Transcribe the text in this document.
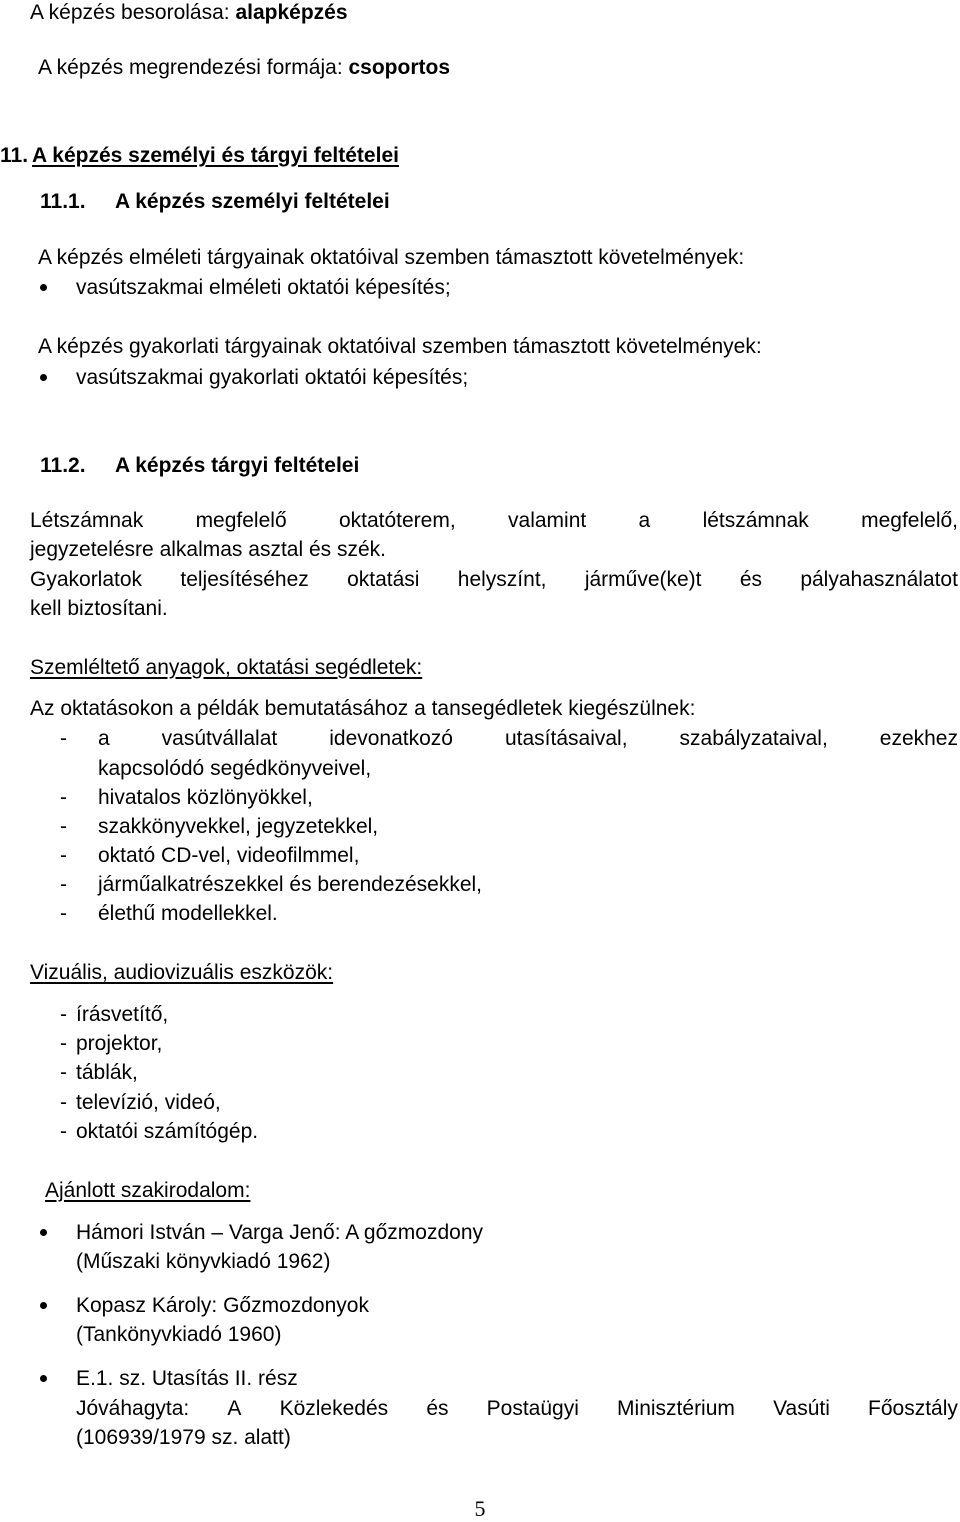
A képzés besorolása: alapképzés
A képzés megrendezési formája: csoportos
11. A képzés személyi és tárgyi feltételei
11.1. A képzés személyi feltételei
A képzés elméleti tárgyainak oktatóival szemben támasztott követelmények:
vasútszakmai elméleti oktatói képesítés;
A képzés gyakorlati tárgyainak oktatóival szemben támasztott követelmények:
vasútszakmai gyakorlati oktatói képesítés;
11.2. A képzés tárgyi feltételei
Létszámnak megfelelő oktatóterem, valamint a létszámnak megfelelő,
jegyzetelésre alkalmas asztal és szék.
Gyakorlatok teljesítéséhez oktatási helyszínt, járművе(ke)t és pályahasználatot
kell biztosítani.
Szemléltető anyagok, oktatási segédletek:
Az oktatásokon a példák bemutatásához a tansegédletek kiegészülnek:
- a vasútvállalat idevonatkozó utasításaival, szabályzataival, ezekhez
kapcsolódó segédkönyveivel,
- hivatalos közlönyökkel,
- szakkönyvekkel, jegyzetekkel,
- oktató CD-vel, videofilmmel,
- járműalkatrészekkel és berendezésekkel,
- élethű modellekkel.
Vizuális, audiovizuális eszközök:
- írásvetítő,
- projektor,
- táblák,
- televízió, videó,
- oktatói számítógép.
Ajánlott szakirodalom:
Hámori István – Varga Jenő: A gőzmozdony
(Műszaki könyvkiadó 1962)
Kopasz Károly: Gőzmozdonyok
(Tankönyvkiadó 1960)
E.1. sz. Utasítás II. rész
Jóváhagyta: A Közlekedés és Postaügyi Minisztérium Vasúti Főosztály
(106939/1979 sz. alatt)
5
